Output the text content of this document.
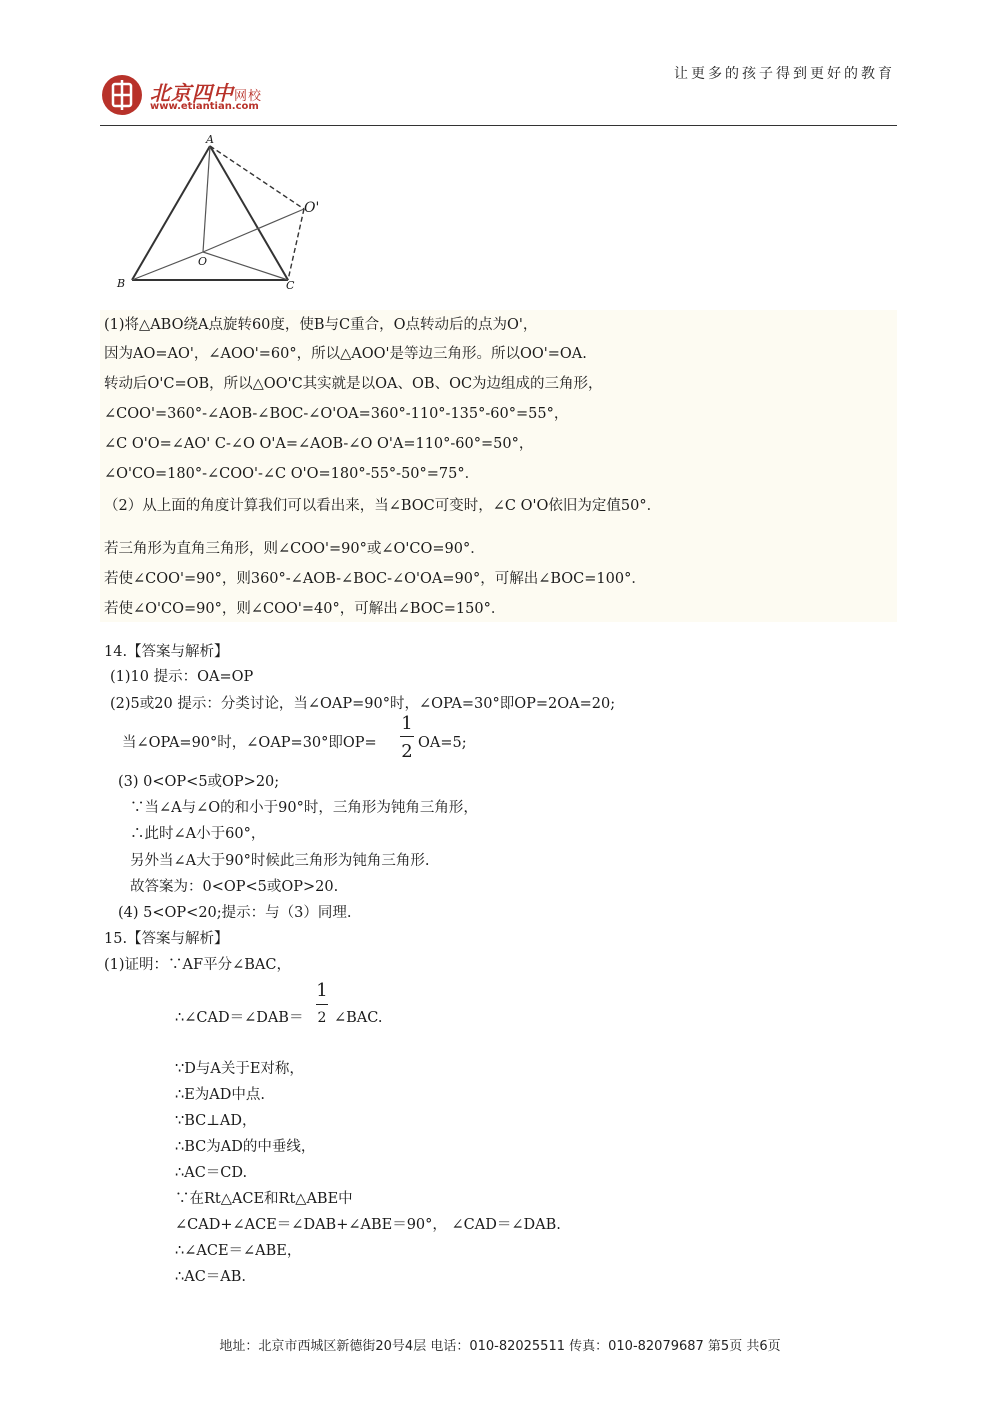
北京四中网校
www.etiantian.com
让更多的孩子得到更好的教育
A
B	C
O
O'
(1)将△ABO绕A点旋转60度，使B与C重合，O点转动后的点为O'，
因为AO=AO'，∠AOO'=60°，所以△AOO'是等边三角形。所以OO'=OA.
转动后O'C=OB，所以△OO'C其实就是以OA、OB、OC为边组成的三角形，
∠COO'=360°-∠AOB-∠BOC-∠O'OA=360°-110°-135°-60°=55°，
∠C O'O=∠AO' C-∠O O'A=∠AOB-∠O O'A=110°-60°=50°，
∠O'CO=180°-∠COO'-∠C O'O=180°-55°-50°=75°．
（2）从上面的角度计算我们可以看出来，当∠BOC可变时，∠C O'O依旧为定值50°．
若三角形为直角三角形，则∠COO'=90°或∠O'CO=90°．
若使∠COO'=90°，则360°-∠AOB-∠BOC-∠O'OA=90°，可解出∠BOC=100°．
若使∠O'CO=90°，则∠COO'=40°，可解出∠BOC=150°．
14.【答案与解析】
(1)10 提示：OA=OP
(2)5或20 提示：分类讨论，当∠OAP=90°时，∠OPA=30°即OP=2OA=20;
当∠OPA=90°时，∠OAP=30°即OP=
1
2 OA=5;
(3) 0<OP<5或OP>20;
∵当∠A与∠O的和小于90°时，三角形为钝角三角形，
∴此时∠A小于60°，
另外当∠A大于90°时候此三角形为钝角三角形.
故答案为：0<OP<5或OP>20.
(4) 5<OP<20;提示：与（3）同理.
15.【答案与解析】
(1)证明：∵AF平分∠BAC，
∴∠CAD＝∠DAB＝
1
2 ∠BAC.
∵D与A关于E对称，
∴E为AD中点.
∵BC⊥AD，
∴BC为AD的中垂线，
∴AC＝CD.
∵在Rt△ACE和Rt△ABE中
∠CAD+∠ACE＝∠DAB+∠ABE＝90°， ∠CAD＝∠DAB.
∴∠ACE＝∠ABE，
∴AC＝AB.
地址：北京市西城区新德街20号4层 电话：010-82025511 传真：010-82079687 第5页 共6页
